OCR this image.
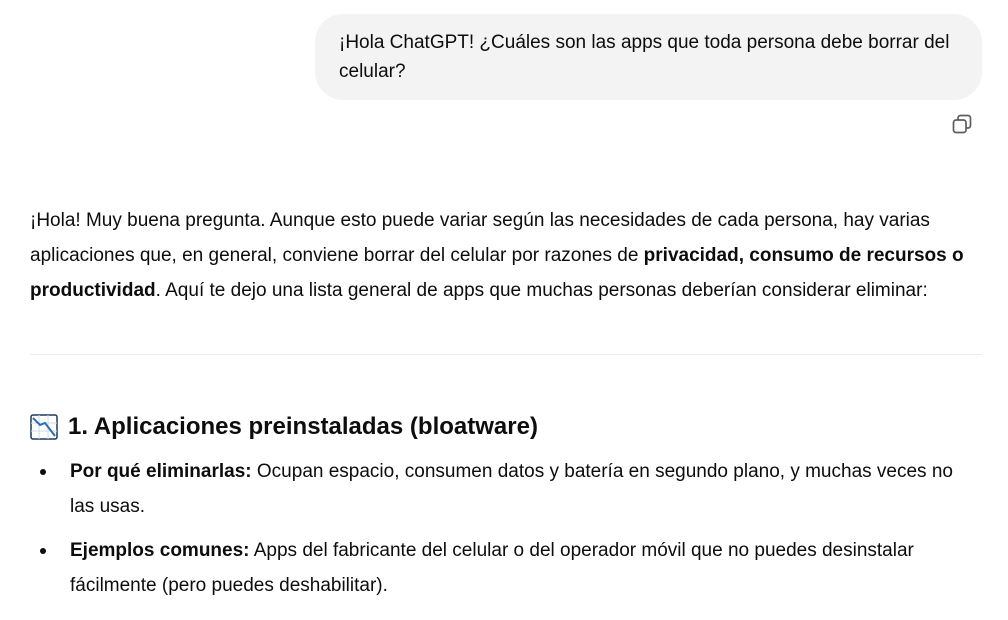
¡Hola ChatGPT! ¿Cuáles son las apps que toda persona debe borrar del celular?

¡Hola! Muy buena pregunta. Aunque esto puede variar según las necesidades de cada persona, hay varias aplicaciones que, en general, conviene borrar del celular por razones de privacidad, consumo de recursos o productividad. Aquí te dejo una lista general de apps que muchas personas deberían considerar eliminar:

1. Aplicaciones preinstaladas (bloatware)
Por qué eliminarlas: Ocupan espacio, consumen datos y batería en segundo plano, y muchas veces no las usas.
Ejemplos comunes: Apps del fabricante del celular o del operador móvil que no puedes desinstalar fácilmente (pero puedes deshabilitar).
